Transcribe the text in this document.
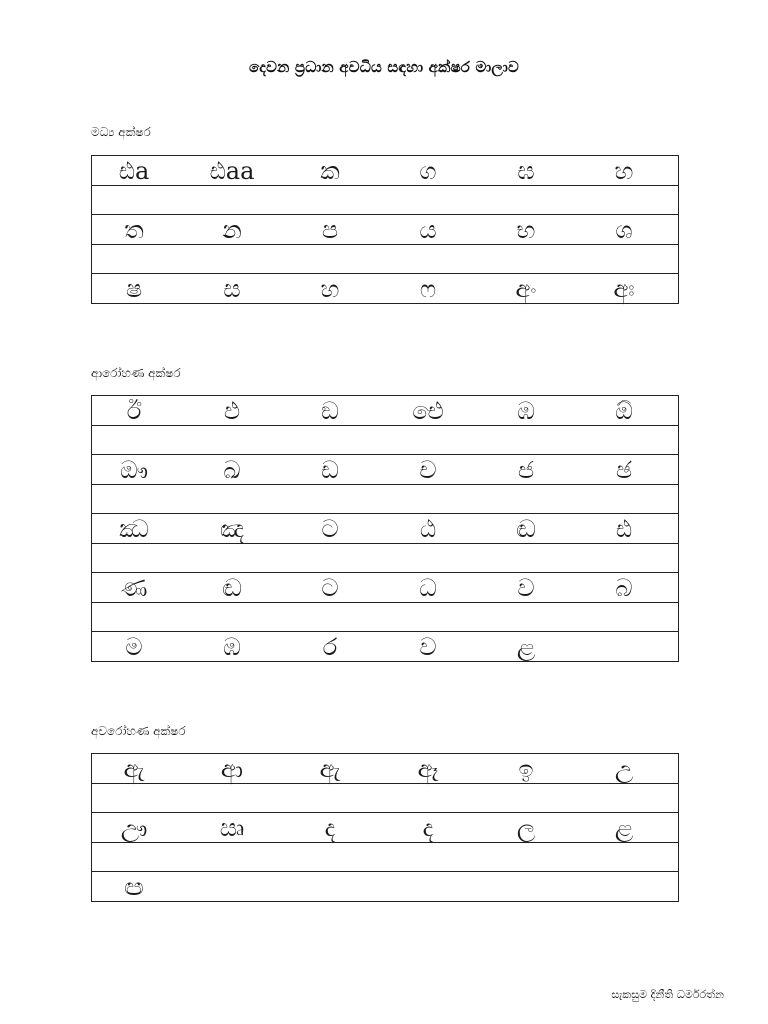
දෙවන ප්‍රධාන අවධිය සඳහා අක්ෂර මාලාව
මධ්‍ය අක්ෂර
ඪa	ඪaa	ක	ග	ඝ	හ
ත	න	ප	ය	භ	ශ
ෂ	ස	හ	ෆ	අං	අඃ
ආරෝහණ අක්ෂර
ඊ	ඵ	ඞ	ඓ	ඹ	ඕ
ඖ	ඛ	ඩ	ච	ජ	ඡ
ඣ	ඤ	ට	ඨ	ඬ	ඪ
ණ	ඬ	ට	ධ	ව	බ
ම	ඹ	ර	ව	ළ
අවරෝහණ අක්ෂර
ඇ	ආ	ඇ	ඈ	ඉ	උ
ඌ	ඍ	ද	ද	ල	ළ
ඏ
සැකසුම දිනීති ධර්මරත්න
